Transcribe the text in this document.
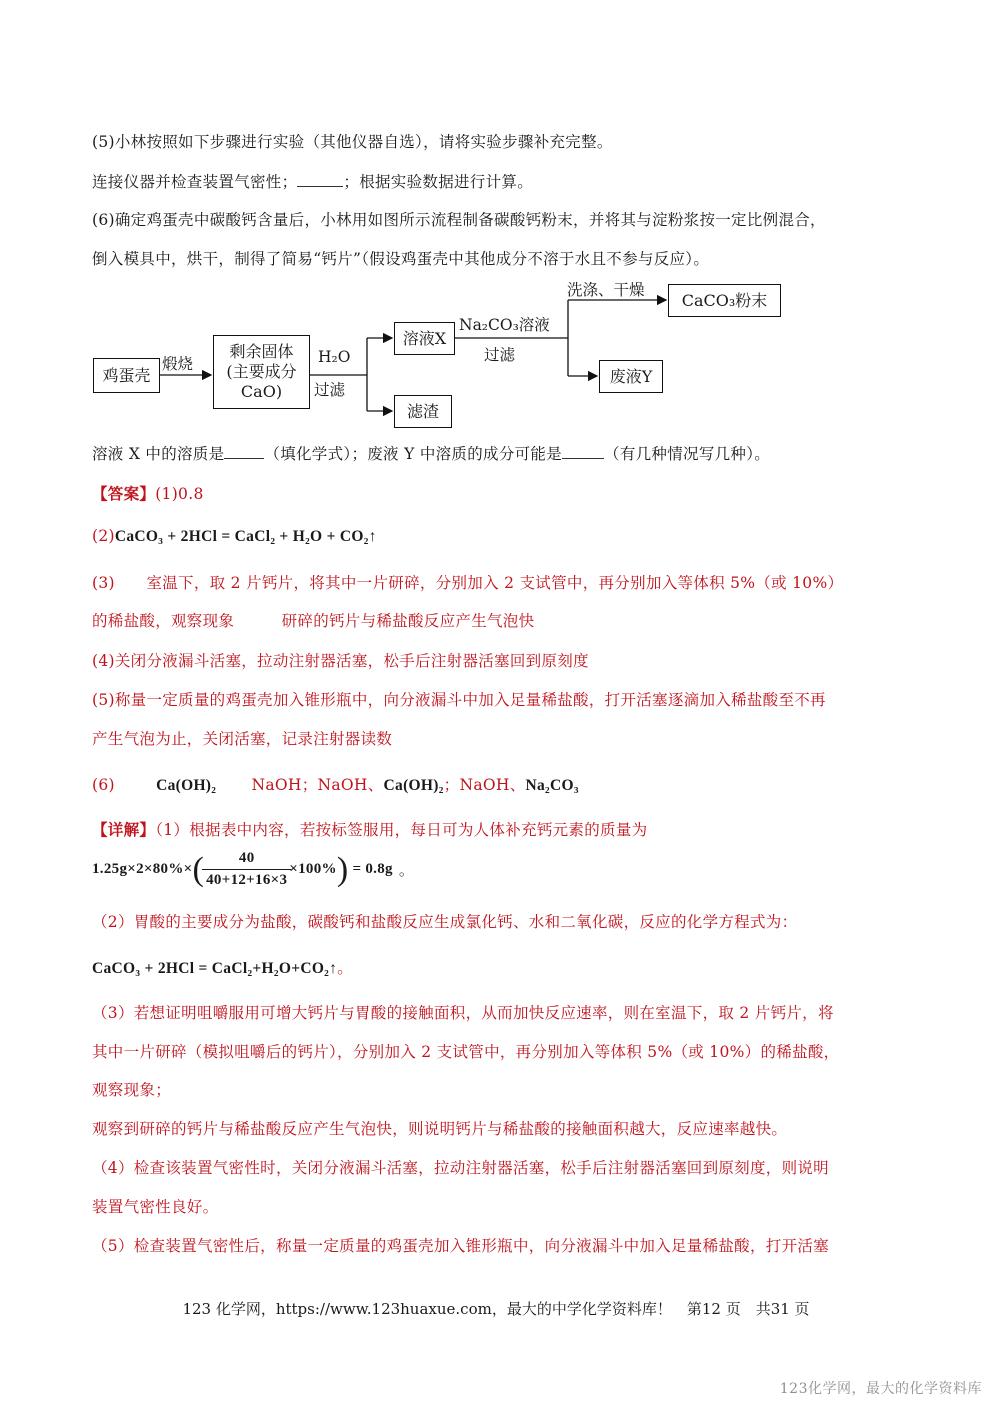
(5)小林按照如下步骤进行实验（其他仪器自选），请将实验步骤补充完整。
连接仪器并检查装置气密性；	；根据实验数据进行计算。
(6)确定鸡蛋壳中碳酸钙含量后，小林用如图所示流程制备碳酸钙粉末，并将其与淀粉浆按一定比例混合，
倒入模具中，烘干，制得了简易“钙片”（假设鸡蛋壳中其他成分不溶于水且不参与反应）。
鸡蛋壳
煅烧
剩余固体
(主要成分
CaO)
H₂O
过滤
溶液X
滤渣
Na₂CO₃溶液
过滤
洗涤、干燥
CaCO₃粉末
废液Y
溶液 X 中的溶质是	（填化学式）；废液 Y 中溶质的成分可能是	（有几种情况写几种）。
【答案】(1)0.8
(2)CaCO₃ + 2HCl = CaCl₂ + H₂O + CO₂↑
(3)　　室温下，取 2 片钙片，将其中一片研碎，分别加入 2 支试管中，再分别加入等体积 5%（或 10%）
的稀盐酸，观察现象　　　研碎的钙片与稀盐酸反应产生气泡快
(4)关闭分液漏斗活塞，拉动注射器活塞，松手后注射器活塞回到原刻度
(5)称量一定质量的鸡蛋壳加入锥形瓶中，向分液漏斗中加入足量稀盐酸，打开活塞逐滴加入稀盐酸至不再
产生气泡为止，关闭活塞，记录注射器读数
(6)	Ca(OH)₂ NaOH；NaOH、Ca(OH)₂；NaOH、Na₂CO₃
【详解】（1）根据表中内容，若按标签服用，每日可为人体补充钙元素的质量为
1.25g×2×80%× ( $\frac{40}{40+12+16\times 3} \times 100\%$ ) = 0.8g 。
（2）胃酸的主要成分为盐酸，碳酸钙和盐酸反应生成氯化钙、水和二氧化碳，反应的化学方程式为：
CaCO₃ + 2HCl = CaCl₂+H₂O+CO₂↑。
（3）若想证明咀嚼服用可增大钙片与胃酸的接触面积，从而加快反应速率，则在室温下，取 2 片钙片，将
其中一片研碎（模拟咀嚼后的钙片），分别加入 2 支试管中，再分别加入等体积 5%（或 10%）的稀盐酸，
观察现象；
观察到研碎的钙片与稀盐酸反应产生气泡快，则说明钙片与稀盐酸的接触面积越大，反应速率越快。
（4）检查该装置气密性时，关闭分液漏斗活塞，拉动注射器活塞，松手后注射器活塞回到原刻度，则说明
装置气密性良好。
（5）检查装置气密性后，称量一定质量的鸡蛋壳加入锥形瓶中，向分液漏斗中加入足量稀盐酸，打开活塞
123 化学网，https://www.123huaxue.com，最大的中学化学资料库！　第12 页　共31 页
123化学网，最大的化学资料库
